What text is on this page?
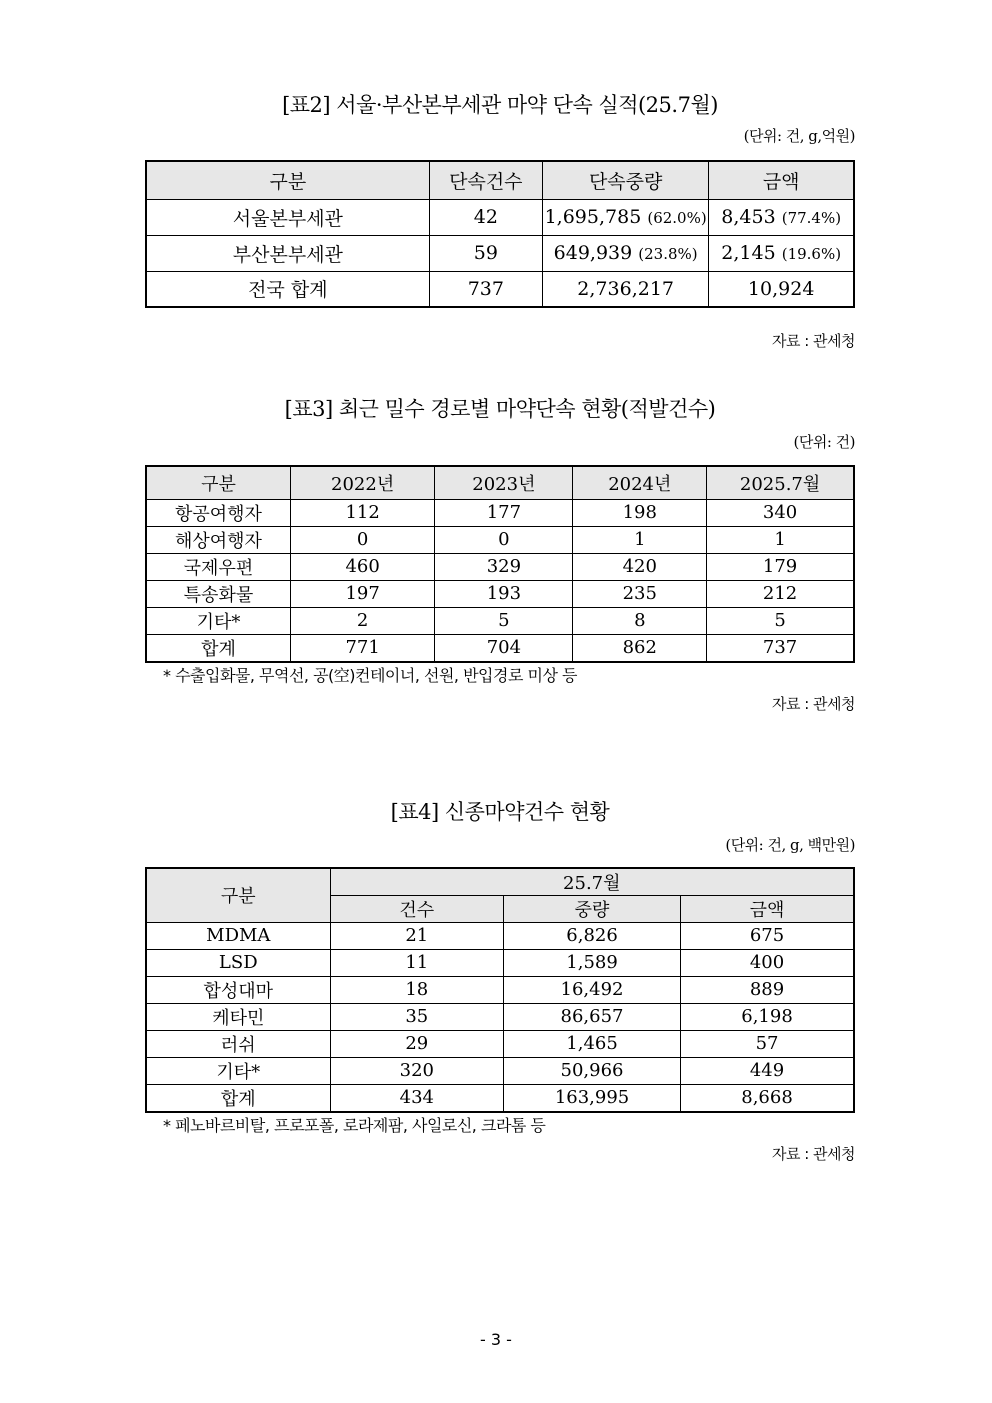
[표2] 서울·부산본부세관 마약 단속 실적(25.7월)
(단위: 건, g,억원)
구분	단속건수	단속중량	금액
서울본부세관	42	1,695,785 (62.0%)	8,453 (77.4%)
부산본부세관	59	649,939 (23.8%)	2,145 (19.6%)
전국 합계	737	2,736,217	10,924
자료 : 관세청
[표3] 최근 밀수 경로별 마약단속 현황(적발건수)
(단위: 건)
구분	2022년	2023년	2024년	2025.7월
항공여행자	112	177	198	340
해상여행자	0	0	1	1
국제우편	460	329	420	179
특송화물	197	193	235	212
기타*	2	5	8	5
합계	771	704	862	737
* 수출입화물, 무역선, 공(空)컨테이너, 선원, 반입경로 미상 등
자료 : 관세청
[표4] 신종마약건수 현황
(단위: 건, g, 백만원)
구분	25.7월		
	건수	중량	금액
MDMA	21	6,826	675
LSD	11	1,589	400
합성대마	18	16,492	889
케타민	35	86,657	6,198
러쉬	29	1,465	57
기타*	320	50,966	449
합계	434	163,995	8,668
* 페노바르비탈, 프로포폴, 로라제팜, 사일로신, 크라톰 등
자료 : 관세청
- 3 -
